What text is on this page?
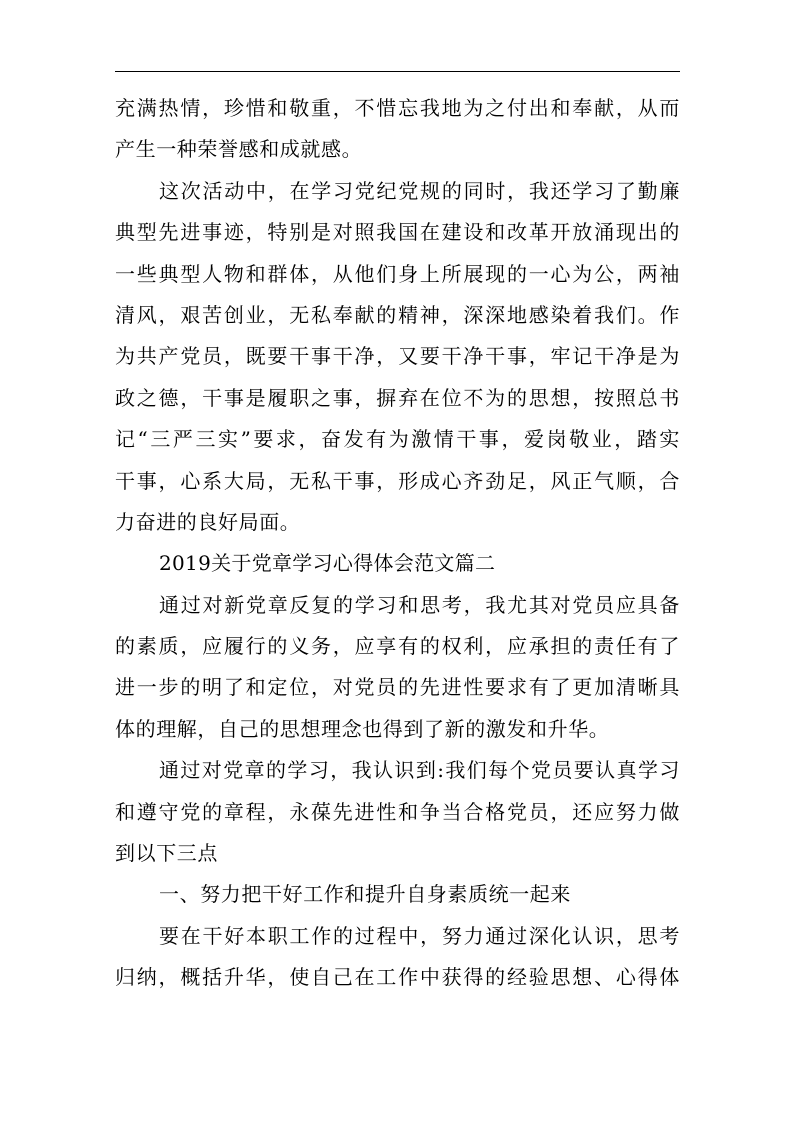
充满热情，珍惜和敬重，不惜忘我地为之付出和奉献，从而
产生一种荣誉感和成就感。
这次活动中，在学习党纪党规的同时，我还学习了勤廉
典型先进事迹，特别是对照我国在建设和改革开放涌现出的
一些典型人物和群体，从他们身上所展现的一心为公，两袖
清风，艰苦创业，无私奉献的精神，深深地感染着我们。作
为共产党员，既要干事干净，又要干净干事，牢记干净是为
政之德，干事是履职之事，摒弃在位不为的思想，按照总书
记“三严三实”要求，奋发有为激情干事，爱岗敬业，踏实
干事，心系大局，无私干事，形成心齐劲足，风正气顺，合
力奋进的良好局面。
2019关于党章学习心得体会范文篇二
通过对新党章反复的学习和思考，我尤其对党员应具备
的素质，应履行的义务，应享有的权利，应承担的责任有了
进一步的明了和定位，对党员的先进性要求有了更加清晰具
体的理解，自己的思想理念也得到了新的激发和升华。
通过对党章的学习，我认识到:我们每个党员要认真学习
和遵守党的章程，永葆先进性和争当合格党员，还应努力做
到以下三点
一、努力把干好工作和提升自身素质统一起来
要在干好本职工作的过程中，努力通过深化认识，思考
归纳，概括升华，使自己在工作中获得的经验思想、心得体
